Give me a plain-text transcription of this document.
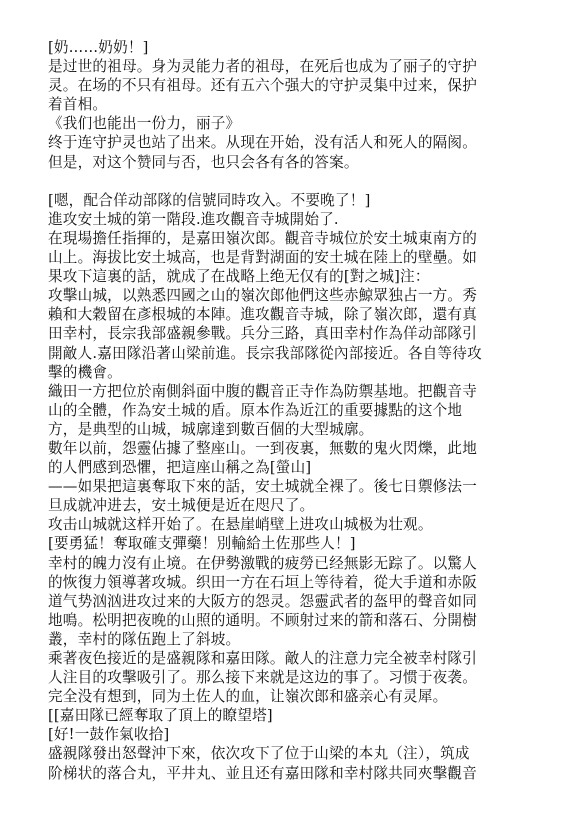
[奶……奶奶！]
是过世的祖母。身为灵能力者的祖母，在死后也成为了丽子的守护
灵。在场的不只有祖母。还有五六个强大的守护灵集中过来，保护
着首相。
《我们也能出一份力，丽子》
终于连守护灵也站了出来。从现在开始，没有活人和死人的隔阂。
但是，对这个赞同与否，也只会各有各的答案。
[嗯，配合佯动部隊的信號同時攻入。不要晚了！]
進攻安土城的第一階段.進攻觀音寺城開始了.
在現場擔任指揮的，是嘉田嶺次郎。觀音寺城位於安土城東南方的
山上。海拔比安土城高，也是背對湖面的安土城在陸上的壁壘。如
果攻下這裏的話，就成了在战略上绝无仅有的[對之城]注：
攻擊山城，以熟悉四國之山的嶺次郎他們这些赤鯨眾独占一方。秀
賴和大穀留在彥根城的本陣。進攻觀音寺城，除了嶺次郎，還有真
田幸村，長宗我部盛親參戰。兵分三路，真田幸村作為佯动部隊引
開敵人.嘉田隊沿著山梁前進。長宗我部隊從內部接近。各自等待攻
擊的機會。
織田一方把位於南側斜面中腹的觀音正寺作為防禦基地。把觀音寺
山的全體，作為安土城的盾。原本作為近江的重要據點的这个地
方，是典型的山城，城廓達到數百個的大型城廓。
數年以前，怨靈佔據了整座山。一到夜裏，無數的鬼火閃爍，此地
的人們感到恐懼，把這座山稱之為[螢山]
——如果把這裏奪取下來的話，安土城就全裸了。後七日禦修法一
旦成就冲进去，安土城便是近在咫尺了。
攻击山城就这样开始了。在悬崖峭壁上进攻山城极为壮观。
[要勇猛！奪取確支彈藥！別輸給土佐那些人！]
幸村的魄力沒有止境。在伊勢激戰的疲勞已经無影无踪了。以驚人
的恢復力領導著攻城。织田一方在石垣上等待着，從大手道和赤阪
道气势汹汹进攻过来的大阪方的怨灵。怨靈武者的盔甲的聲音如同
地鳴。松明把夜晚的山照的通明。不顾射过来的箭和落石、分開樹
叢，幸村的隊伍跑上了斜坡。
乘著夜色接近的是盛親隊和嘉田隊。敵人的注意力完全被幸村隊引
人注目的攻擊吸引了。那么接下来就是这边的事了。习惯于夜袭。
完全没有想到，同为土佐人的血，让嶺次郎和盛亲心有灵犀。
[[嘉田隊已經奪取了頂上的瞭望塔]
[好!一鼓作氣收拾]
盛親隊發出怒聲沖下來，依次攻下了位于山梁的本丸（注），筑成
阶梯状的落合丸，平井丸、並且还有嘉田隊和幸村隊共同夾擊觀音
